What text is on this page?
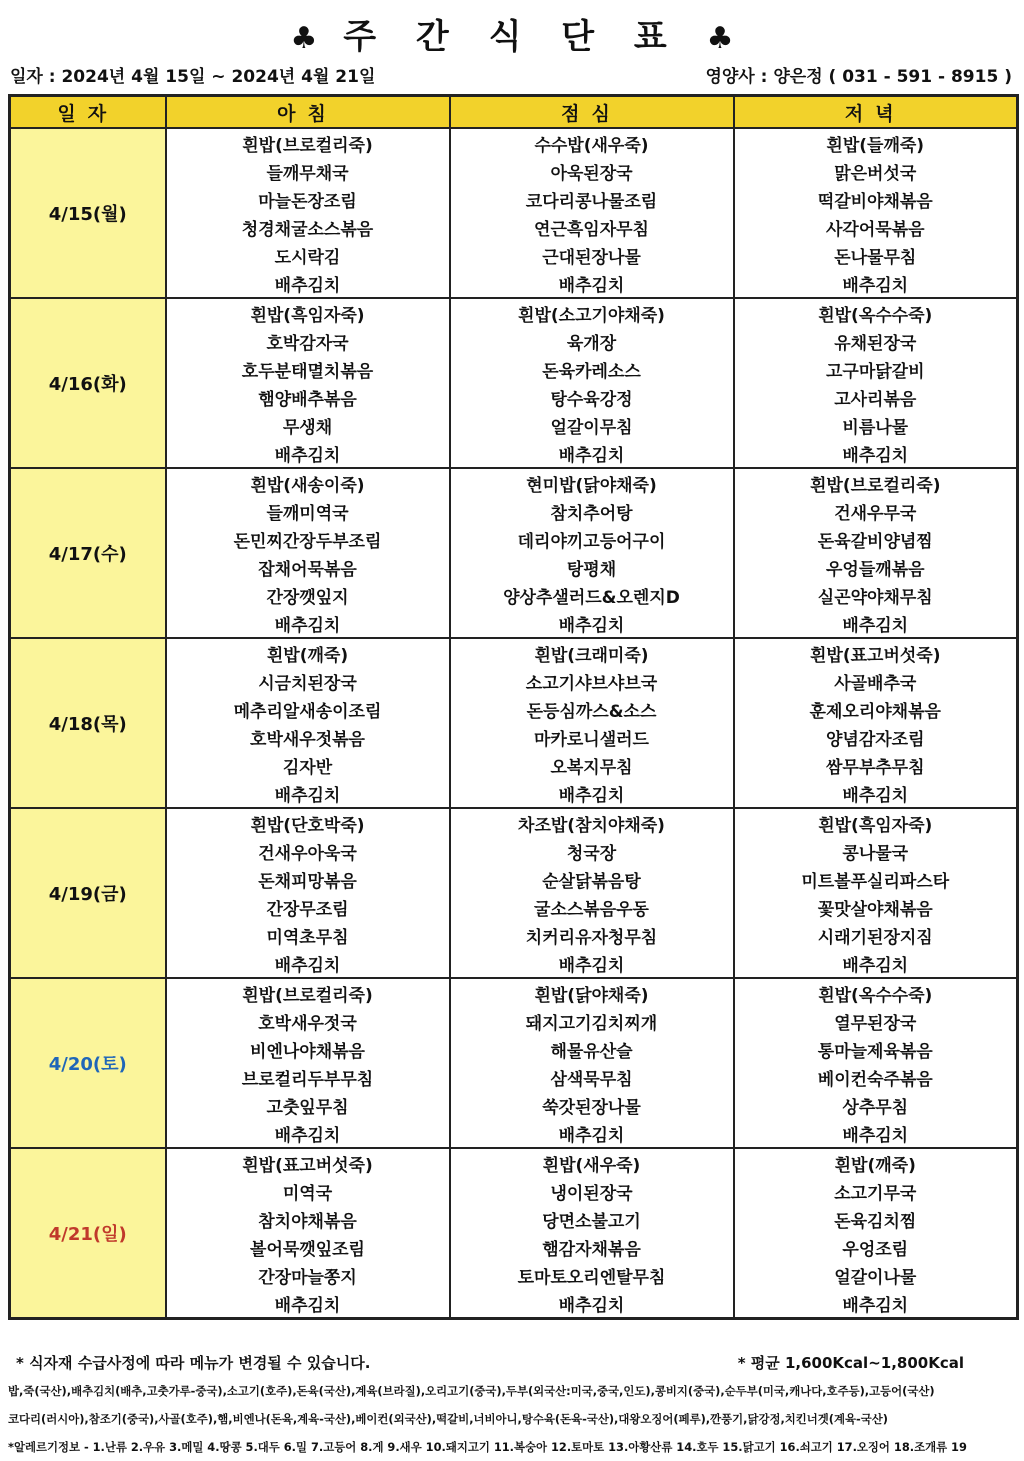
♣ 주 간 식 단 표 ♣
일자 : 2024년 4월 15일 ~ 2024년 4월 21일	영양사 : 양은정 ( 031 - 591 - 8915 )
일자	아침	점심	저녁
4/15(월)	흰밥(브로컬리죽)	수수밥(새우죽)	흰밥(들깨죽)
	들깨무채국	아욱된장국	맑은버섯국
	마늘돈장조림	코다리콩나물조림	떡갈비야채볶음
	청경채굴소스볶음	연근흑임자무침	사각어묵볶음
	도시락김	근대된장나물	돈나물무침
	배추김치	배추김치	배추김치
4/16(화)	흰밥(흑임자죽)	흰밥(소고기야채죽)	흰밥(옥수수죽)
	호박감자국	육개장	유채된장국
	호두분태멸치볶음	돈육카레소스	고구마닭갈비
	햄양배추볶음	탕수육강정	고사리볶음
	무생채	얼갈이무침	비름나물
	배추김치	배추김치	배추김치
4/17(수)	흰밥(새송이죽)	현미밥(닭야채죽)	흰밥(브로컬리죽)
	들깨미역국	참치추어탕	건새우무국
	돈민찌간장두부조림	데리야끼고등어구이	돈육갈비양념찜
	잡채어묵볶음	탕평채	우엉들깨볶음
	간장깻잎지	양상추샐러드&오렌지D	실곤약야채무침
	배추김치	배추김치	배추김치
4/18(목)	흰밥(깨죽)	흰밥(크래미죽)	흰밥(표고버섯죽)
	시금치된장국	소고기샤브샤브국	사골배추국
	메추리알새송이조림	돈등심까스&소스	훈제오리야채볶음
	호박새우젓볶음	마카로니샐러드	양념감자조림
	김자반	오복지무침	쌈무부추무침
	배추김치	배추김치	배추김치
4/19(금)	흰밥(단호박죽)	차조밥(참치야채죽)	흰밥(흑임자죽)
	건새우아욱국	청국장	콩나물국
	돈채피망볶음	순살닭볶음탕	미트볼푸실리파스타
	간장무조림	굴소스볶음우동	꽃맛살야채볶음
	미역초무침	치커리유자청무침	시래기된장지짐
	배추김치	배추김치	배추김치
4/20(토)	흰밥(브로컬리죽)	흰밥(닭야채죽)	흰밥(옥수수죽)
	호박새우젓국	돼지고기김치찌개	열무된장국
	비엔나야채볶음	해물유산슬	통마늘제육볶음
	브로컬리두부무침	삼색묵무침	베이컨숙주볶음
	고춧잎무침	쑥갓된장나물	상추무침
	배추김치	배추김치	배추김치
4/21(일)	흰밥(표고버섯죽)	흰밥(새우죽)	흰밥(깨죽)
	미역국	냉이된장국	소고기무국
	참치야채볶음	당면소불고기	돈육김치찜
	볼어묵깻잎조림	햄감자채볶음	우엉조림
	간장마늘쫑지	토마토오리엔탈무침	얼갈이나물
	배추김치	배추김치	배추김치
* 식자재 수급사정에 따라 메뉴가 변경될 수 있습니다.	* 평균 1,600Kcal~1,800Kcal
밥,죽(국산),배추김치(배추,고춧가루-중국),소고기(호주),돈육(국산),계육(브라질),오리고기(중국),두부(외국산:미국,중국,인도),콩비지(중국),순두부(미국,캐나다,호주등),고등어(국산)
코다리(러시아),참조기(중국),사골(호주),햄,비엔나(돈육,계육-국산),베이컨(외국산),떡갈비,너비아니,탕수육(돈육-국산),대왕오징어(페루),깐풍기,닭강정,치킨너겟(계육-국산)
*알레르기정보 - 1.난류 2.우유 3.메밀 4.땅콩 5.대두 6.밀 7.고등어 8.게 9.새우 10.돼지고기 11.복숭아 12.토마토 13.아황산류 14.호두 15.닭고기 16.쇠고기 17.오징어 18.조개류 19
